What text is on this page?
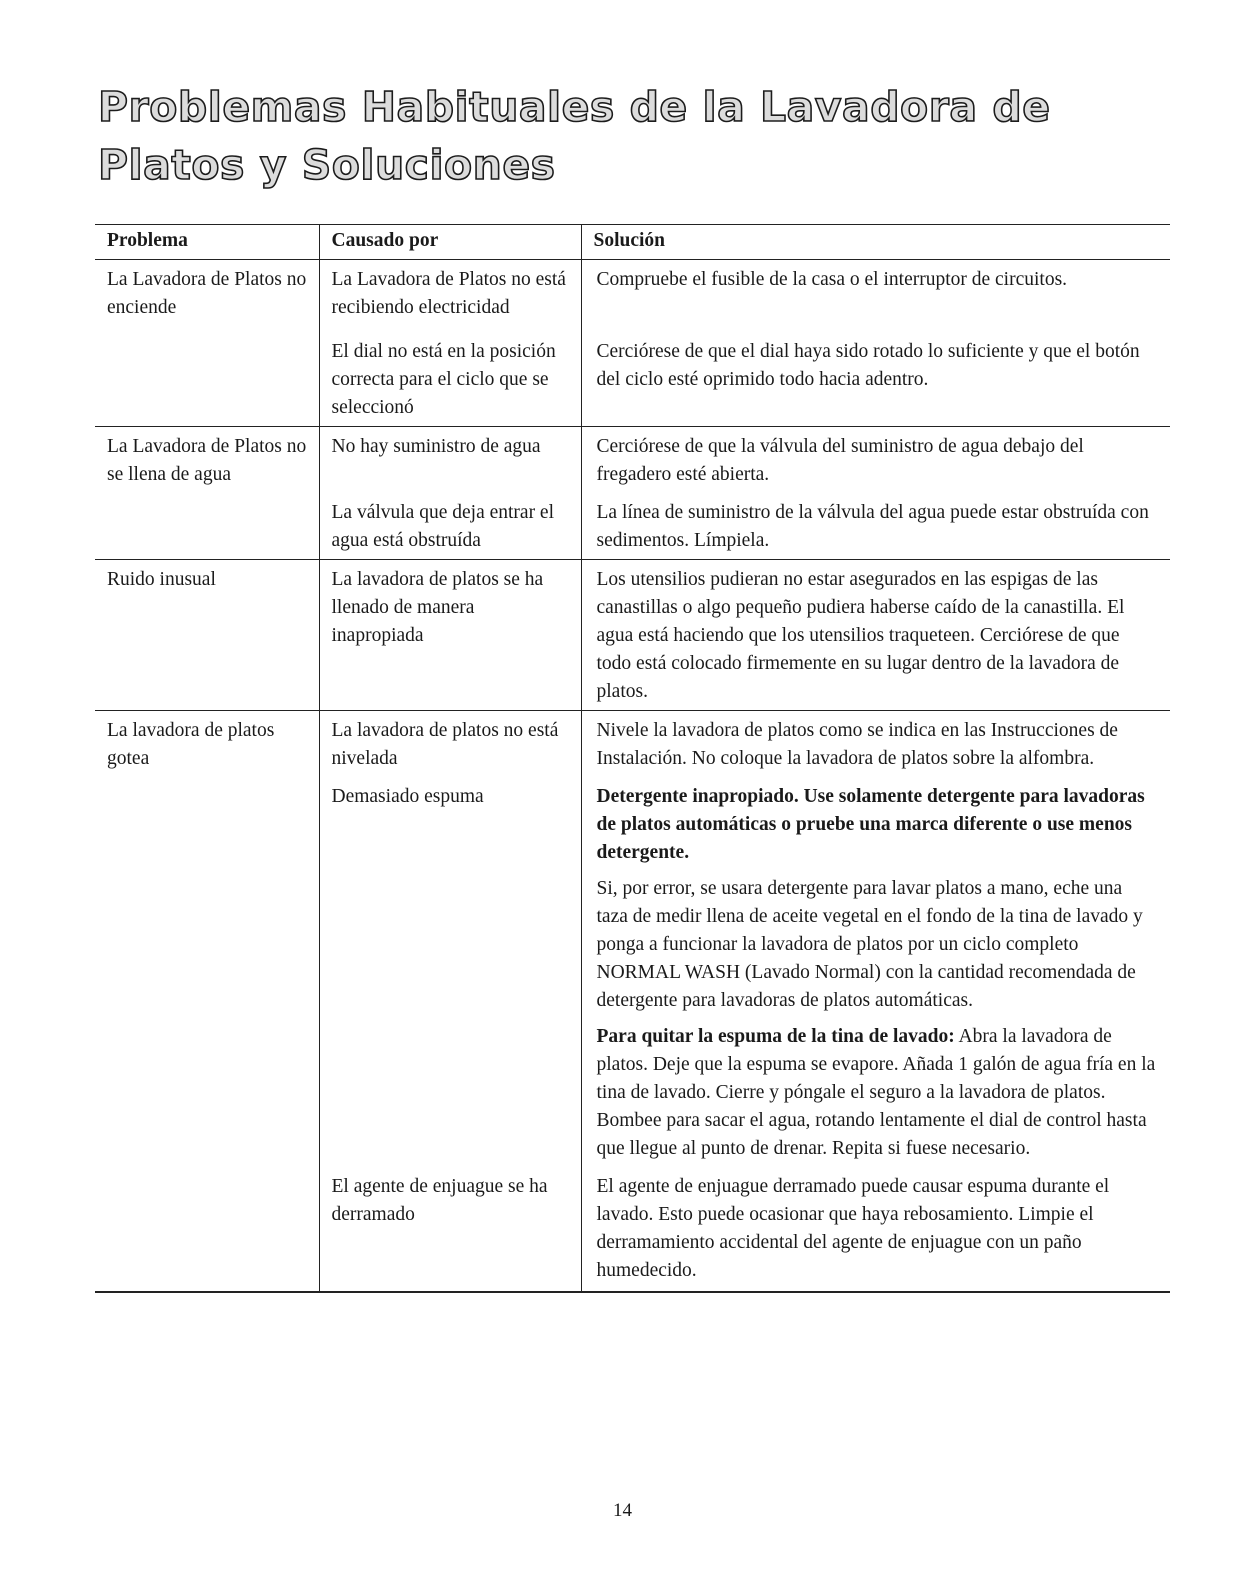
Problemas Habituales de la Lavadora de Platos y Soluciones
Problema	Causado por	Solución
La Lavadora de Platos no enciende	La Lavadora de Platos no está recibiendo electricidad	Compruebe el fusible de la casa o el interruptor de circuitos.
	El dial no está en la posición correcta para el ciclo que se seleccionó	Cerciórese de que el dial haya sido rotado lo suficiente y que el botón del ciclo esté oprimido todo hacia adentro.
La Lavadora de Platos no se llena de agua	No hay suministro de agua	Cerciórese de que la válvula del suministro de agua debajo del fregadero esté abierta.
	La válvula que deja entrar el agua está obstruída	La línea de suministro de la válvula del agua puede estar obstruída con sedimentos. Límpiela.
Ruido inusual	La lavadora de platos se ha llenado de manera inapropiada	Los utensilios pudieran no estar asegurados en las espigas de las canastillas o algo pequeño pudiera haberse caído de la canastilla. El agua está haciendo que los utensilios traqueteen. Cerciórese de que todo está colocado firmemente en su lugar dentro de la lavadora de platos.
La lavadora de platos gotea	La lavadora de platos no está nivelada	Nivele la lavadora de platos como se indica en las Instrucciones de Instalación. No coloque la lavadora de platos sobre la alfombra.
	Demasiado espuma	Detergente inapropiado. Use solamente detergente para lavadoras de platos automáticas o pruebe una marca diferente o use menos detergente.
Si, por error, se usara detergente para lavar platos a mano, eche una taza de medir llena de aceite vegetal en el fondo de la tina de lavado y ponga a funcionar la lavadora de platos por un ciclo completo NORMAL WASH (Lavado Normal) con la cantidad recomendada de detergente para lavadoras de platos automáticas.
Para quitar la espuma de la tina de lavado: Abra la lavadora de platos. Deje que la espuma se evapore. Añada 1 galón de agua fría en la tina de lavado. Cierre y póngale el seguro a la lavadora de platos. Bombee para sacar el agua, rotando lentamente el dial de control hasta que llegue al punto de drenar. Repita si fuese necesario.

	El agente de enjuague se ha derramado	El agente de enjuague derramado puede causar espuma durante el lavado. Esto puede ocasionar que haya rebosamiento. Limpie el derramamiento accidental del agente de enjuague con un paño humedecido.
14
